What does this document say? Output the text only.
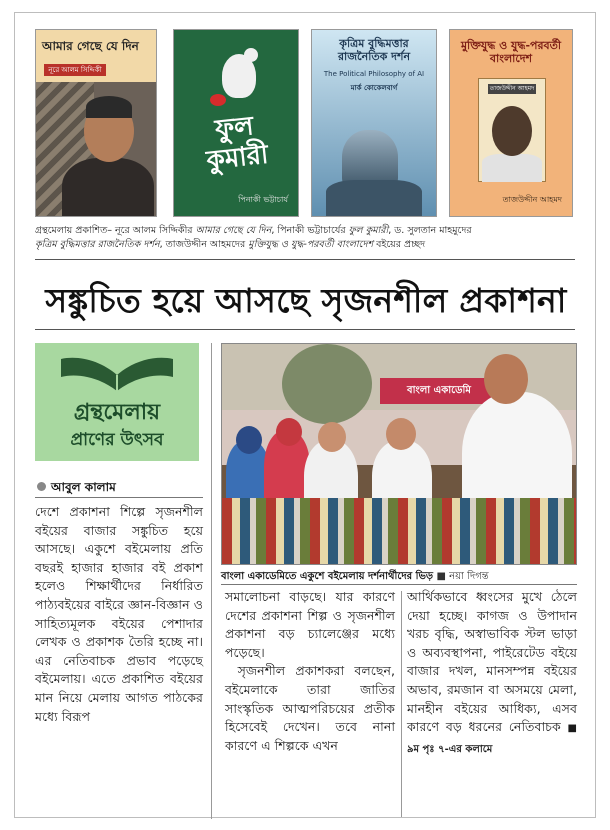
আমার গেছে যে দিন
নূরে আলম সিদ্দিকী
ফুল কুমারী
পিনাকী ভট্টাচার্য
কৃত্রিম বুদ্ধিমত্তার রাজনৈতিক দর্শন
The Political Philosophy of AI
মার্ক কোকেলবার্গ
মুক্তিযুদ্ধ ও যুদ্ধ-পরবর্তী বাংলাদেশ
তাজউদ্দীন আহমদ
তাজউদ্দীন আহমদ
গ্রন্থমেলায় প্রকাশিত– নূরে আলম সিদ্দিকীর আমার গেছে যে দিন, পিনাকী ভট্টাচার্যের ফুল কুমারী, ড. সুলতান মাহমুদের
কৃত্রিম বুদ্ধিমত্তার রাজনৈতিক দর্শন, তাজউদ্দীন আহমদের মুক্তিযুদ্ধ ও যুদ্ধ-পরবর্তী বাংলাদেশ বইয়ের প্রচ্ছদ
সঙ্কুচিত হয়ে আসছে সৃজনশীল প্রকাশনা
গ্রন্থমেলায়
প্রাণের উৎসব
বাংলা একাডেমি
বাংলা একাডেমিতে একুশে বইমেলায় দর্শনার্থীদের ভিড় ■ নয়া দিগন্ত
আবুল কালাম

দেশে প্রকাশনা শিল্পে সৃজনশীল বইয়ের বাজার সঙ্কুচিত হয়ে আসছে। একুশে বইমেলায় প্রতি বছরই হাজার হাজার বই প্রকাশ হলেও শিক্ষার্থীদের নির্ধারিত পাঠ্যবইয়ের বাইরে জ্ঞান-বিজ্ঞান ও সাহিত্যমূলক বইয়ের পেশাদার লেখক ও প্রকাশক তৈরি হচ্ছে না। এর নেতিবাচক প্রভাব পড়েছে বইমেলায়। এতে প্রকাশিত বইয়ের মান নিয়ে মেলায় আগত পাঠকের মধ্যে বিরূপ

সমালোচনা বাড়ছে। যার কারণে দেশের প্রকাশনা শিল্প ও সৃজনশীল প্রকাশনা বড় চ্যালেঞ্জের মধ্যে পড়েছে।

সৃজনশীল প্রকাশকরা বলছেন, বইমেলাকে তারা জাতির সাংস্কৃতিক আত্মপরিচয়ের প্রতীক হিসেবেই দেখেন। তবে নানা কারণে এ শিল্পকে এখন

আর্থিকভাবে ধ্বংসের মুখে ঠেলে দেয়া হচ্ছে। কাগজ ও উপাদান খরচ বৃদ্ধি, অস্বাভাবিক স্টল ভাড়া ও অব্যবস্থাপনা, পাইরেটেড বইয়ে বাজার দখল, মানসম্পন্ন বইয়ের অভাব, রমজান বা অসময়ে মেলা, মানহীন বইয়ের আধিক্য, এসব কারণে বড় ধরনের নেতিবাচক ■ ৯ম পৃঃ ৭-এর কলামে
